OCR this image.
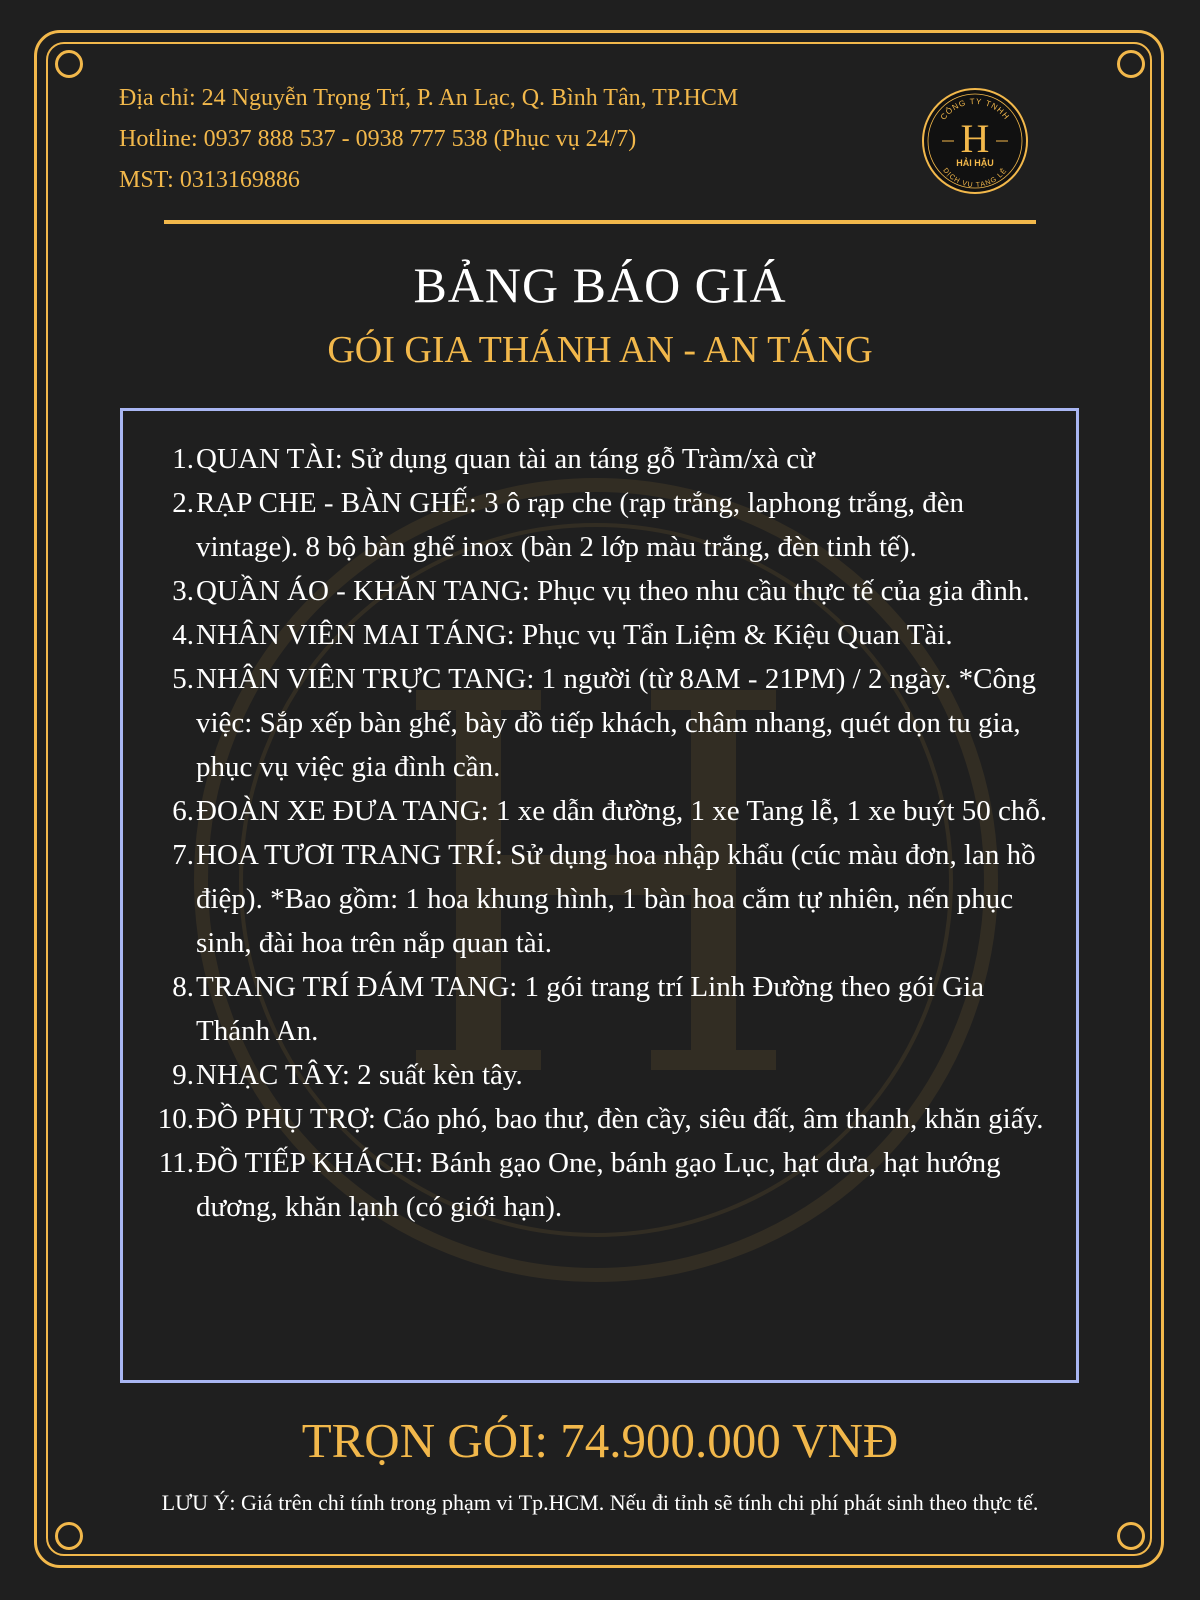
Địa chỉ: 24 Nguyễn Trọng Trí, P. An Lạc, Q. Bình Tân, TP.HCM
Hotline: 0937 888 537 - 0938 777 538 (Phục vụ 24/7)
MST: 0313169886
CÔNG TY TNHH
DỊCH VỤ TANG LỄ
H
HẢI HẬU
BẢNG BÁO GIÁ
GÓI GIA THÁNH AN - AN TÁNG
1. QUAN TÀI: Sử dụng quan tài an táng gỗ Tràm/xà cừ
2. RẠP CHE - BÀN GHẾ: 3 ô rạp che (rạp trắng, laphong trắng, đèn vintage). 8 bộ bàn ghế inox (bàn 2 lớp màu trắng, đèn tinh tế).
3. QUẦN ÁO - KHĂN TANG: Phục vụ theo nhu cầu thực tế của gia đình.
4. NHÂN VIÊN MAI TÁNG: Phục vụ Tẩn Liệm & Kiệu Quan Tài.
5. NHÂN VIÊN TRỰC TANG: 1 người (từ 8AM - 21PM) / 2 ngày. *Công việc: Sắp xếp bàn ghế, bày đồ tiếp khách, châm nhang, quét dọn tu gia, phục vụ việc gia đình cần.
6. ĐOÀN XE ĐƯA TANG: 1 xe dẫn đường, 1 xe Tang lễ, 1 xe buýt 50 chỗ.
7. HOA TƯƠI TRANG TRÍ: Sử dụng hoa nhập khẩu (cúc màu đơn, lan hồ điệp). *Bao gồm: 1 hoa khung hình, 1 bàn hoa cắm tự nhiên, nến phục sinh, đài hoa trên nắp quan tài.
8. TRANG TRÍ ĐÁM TANG: 1 gói trang trí Linh Đường theo gói Gia Thánh An.
9. NHẠC TÂY: 2 suất kèn tây.
10. ĐỒ PHỤ TRỢ: Cáo phó, bao thư, đèn cầy, siêu đất, âm thanh, khăn giấy.
11. ĐỒ TIẾP KHÁCH: Bánh gạo One, bánh gạo Lục, hạt dưa, hạt hướng dương, khăn lạnh (có giới hạn).
TRỌN GÓI: 74.900.000 VNĐ
LƯU Ý: Giá trên chỉ tính trong phạm vi Tp.HCM. Nếu đi tỉnh sẽ tính chi phí phát sinh theo thực tế.
